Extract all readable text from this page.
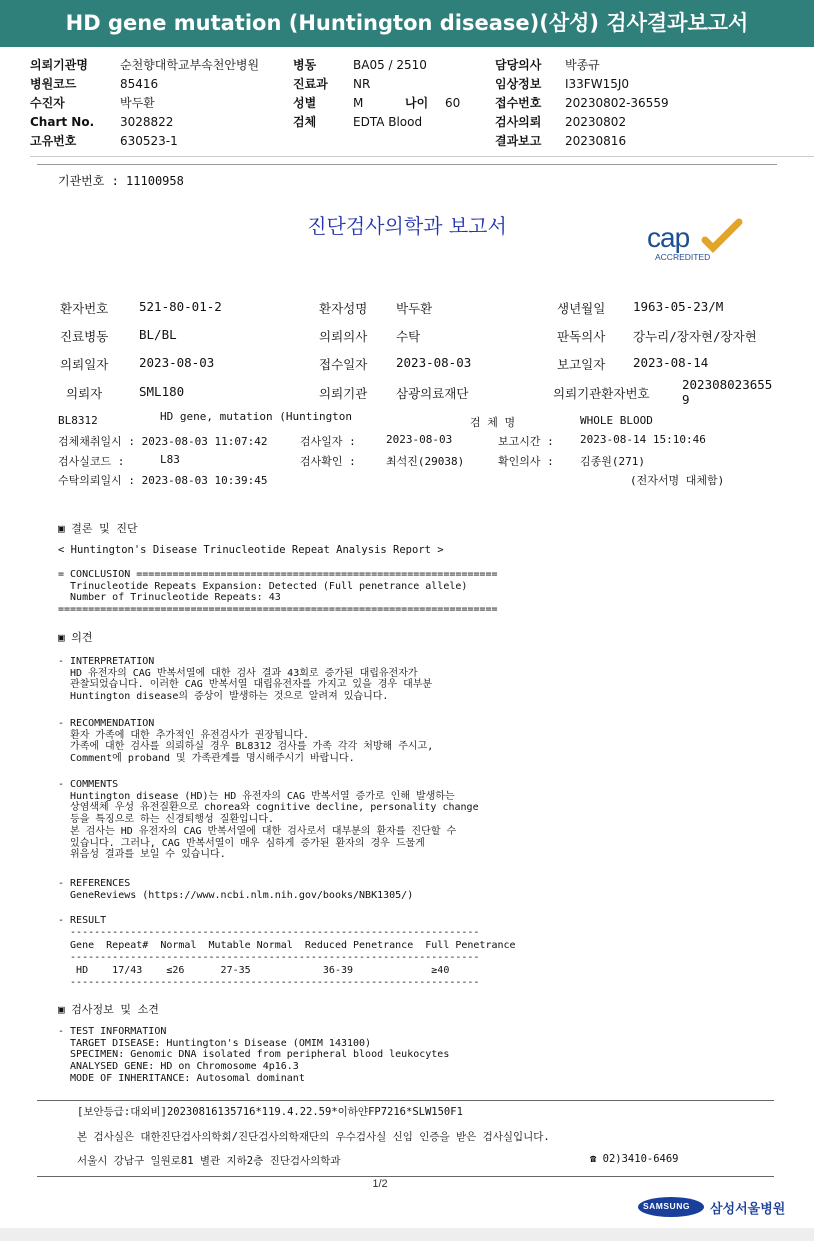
HD gene mutation (Huntington disease)(삼성) 검사결과보고서
의뢰기관명	순천향대학교부속천안병원
병원코드	85416
수진자	박두환
Chart No. 3028822
고유번호	630523-1
병동	BA05 / 2510
진료과 NR
성별	M	나이 60
검체	EDTA Blood
담당의사 박종규
임상정보 I33FW15J0
접수번호 20230802-36559
검사의뢰 20230802
결과보고 20230816
기관번호 : 11100958
진단검사의학과 보고서	cap
ACCREDITED
환자번호 521-80-01-2	환자성명 박두환	생년월일 1963-05-23/M
진료병동 BL/BL	의뢰의사 수탁	판독의사 강누리/장자현/장자현
의뢰일자 2023-08-03	접수일자 2023-08-03	보고일자 2023-08-14
의뢰자	SML180	의뢰기관 삼광의료재단	의뢰기관환자번호
202308023655
9
BL8312	HD gene, mutation (Huntington	검 체 명	WHOLE BLOOD
검체채취일시 : 2023-08-03 11:07:42	검사일자 :	2023-08-03	보고시간 : 2023-08-14 15:10:46
검사실코드 :	L83	검사확인 :	최석진(29038)	확인의사 : 김종원(271)
수탁의뢰일시 : 2023-08-03 10:39:45	(전자서명 대체함)
▣ 결론 및 진단
< Huntington's Disease Trinucleotide Repeat Analysis Report >
= CONCLUSION ============================================================
Trinucleotide Repeats Expansion: Detected (Full penetrance allele)
Number of Trinucleotide Repeats: 43
=========================================================================
▣ 의견
- INTERPRETATION
HD 유전자의 CAG 반복서열에 대한 검사 결과 43회로 증가된 대립유전자가
관찰되었습니다. 이러한 CAG 반복서열 대립유전자를 가지고 있을 경우 대부분
Huntington disease의 증상이 발생하는 것으로 알려져 있습니다.
- RECOMMENDATION
환자 가족에 대한 추가적인 유전검사가 권장됩니다.
가족에 대한 검사를 의뢰하실 경우 BL8312 검사를 가족 각각 처방해 주시고,
Comment에 proband 및 가족관계를 명시해주시기 바랍니다.
- COMMENTS
Huntington disease (HD)는 HD 유전자의 CAG 반복서열 증가로 인해 발생하는
상염색체 우성 유전질환으로 chorea와 cognitive decline, personality change
등을 특징으로 하는 신경퇴행성 질환입니다.
본 검사는 HD 유전자의 CAG 반복서열에 대한 검사로서 대부분의 환자를 진단할 수
있습니다. 그러나, CAG 반복서열이 매우 심하게 증가된 환자의 경우 드물게
위음성 결과를 보일 수 있습니다.
- REFERENCES
GeneReviews (https://www.ncbi.nlm.nih.gov/books/NBK1305/)
- RESULT
--------------------------------------------------------------------
Gene  Repeat#  Normal  Mutable Normal  Reduced Penetrance  Full Penetrance
--------------------------------------------------------------------
HD    17/43    ≤26      27-35            36-39             ≥40
--------------------------------------------------------------------
▣ 검사정보 및 소견
- TEST INFORMATION
TARGET DISEASE: Huntington's Disease (OMIM 143100)
SPECIMEN: Genomic DNA isolated from peripheral blood leukocytes
ANALYSED GENE: HD on Chromosome 4p16.3
MODE OF INHERITANCE: Autosomal dominant
[보안등급:대외비]20230816135716*119.4.22.59*이하얀FP7216*SLW150F1
본 검사실은 대한진단검사의학회/진단검사의학재단의 우수검사실 신임 인증을 받은 검사실입니다.
서울시 강남구 일원로81 별관 지하2층 진단검사의학과	☎ 02)3410-6469
1/2
SAMSUNG 삼성서울병원
